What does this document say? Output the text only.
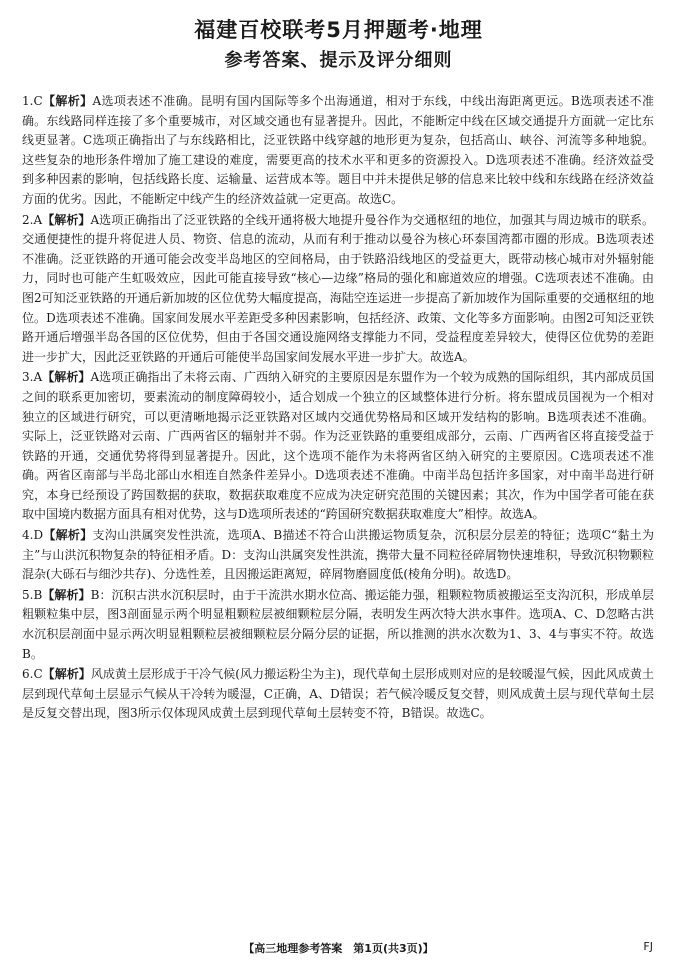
福建百校联考5月押题考·地理
参考答案、提示及评分细则
1.C【解析】A选项表述不准确。昆明有国内国际等多个出海通道，相对于东线，中线出海距离更远。B选项表述不准确。东线路同样连接了多个重要城市，对区域交通也有显著提升。因此，不能断定中线在区域交通提升方面就一定比东线更显著。C选项正确指出了与东线路相比，泛亚铁路中线穿越的地形更为复杂，包括高山、峡谷、河流等多种地貌。这些复杂的地形条件增加了施工建设的难度，需要更高的技术水平和更多的资源投入。D选项表述不准确。经济效益受到多种因素的影响，包括线路长度、运输量、运营成本等。题目中并未提供足够的信息来比较中线和东线路在经济效益方面的优劣。因此，不能断定中线产生的经济效益就一定更高。故选C。
2.A【解析】A选项正确指出了泛亚铁路的全线开通将极大地提升曼谷作为交通枢纽的地位，加强其与周边城市的联系。交通便捷性的提升将促进人员、物资、信息的流动，从而有利于推动以曼谷为核心环泰国湾都市圈的形成。B选项表述不准确。泛亚铁路的开通可能会改变半岛地区的空间格局，由于铁路沿线地区的受益更大，既带动核心城市对外辐射能力，同时也可能产生虹吸效应，因此可能直接导致“核心—边缘”格局的强化和廊道效应的增强。C选项表述不准确。由图2可知泛亚铁路的开通后新加坡的区位优势大幅度提高，海陆空连运进一步提高了新加坡作为国际重要的交通枢纽的地位。D选项表述不准确。国家间发展水平差距受多种因素影响，包括经济、政策、文化等多方面影响。由图2可知泛亚铁路开通后增强半岛各国的区位优势，但由于各国交通设施网络支撑能力不同，受益程度差异较大，使得区位优势的差距进一步扩大，因此泛亚铁路的开通后可能使半岛国家间发展水平进一步扩大。故选A。
3.A【解析】A选项正确指出了未将云南、广西纳入研究的主要原因是东盟作为一个较为成熟的国际组织，其内部成员国之间的联系更加密切，要素流动的制度障碍较小，适合划成一个独立的区域整体进行分析。将东盟成员国视为一个相对独立的区域进行研究，可以更清晰地揭示泛亚铁路对区域内交通优势格局和区域开发结构的影响。B选项表述不准确。实际上，泛亚铁路对云南、广西两省区的辐射并不弱。作为泛亚铁路的重要组成部分，云南、广西两省区将直接受益于铁路的开通，交通优势将得到显著提升。因此，这个选项不能作为未将两省区纳入研究的主要原因。C选项表述不准确。两省区南部与半岛北部山水相连自然条件差异小。D选项表述不准确。中南半岛包括许多国家，对中南半岛进行研究，本身已经预设了跨国数据的获取，数据获取难度不应成为决定研究范围的关键因素；其次，作为中国学者可能在获取中国境内数据方面具有相对优势，这与D选项所表述的“跨国研究数据获取难度大”相悖。故选A。
4.D【解析】支沟山洪属突发性洪流，选项A、B描述不符合山洪搬运物质复杂，沉积层分层差的特征；选项C“黏土为主”与山洪沉积物复杂的特征相矛盾。D：支沟山洪属突发性洪流，携带大量不同粒径碎屑物快速堆积，导致沉积物颗粒混杂(大砾石与细沙共存)、分选性差，且因搬运距离短，碎屑物磨圆度低(棱角分明)。故选D。
5.B【解析】B：沉积古洪水沉积层时，由于干流洪水期水位高、搬运能力强，粗颗粒物质被搬运至支沟沉积，形成单层粗颗粒集中层，图3剖面显示两个明显粗颗粒层被细颗粒层分隔，表明发生两次特大洪水事件。选项A、C、D忽略古洪水沉积层剖面中显示两次明显粗颗粒层被细颗粒层分隔分层的证据，所以推测的洪水次数为1、3、4与事实不符。故选B。
6.C【解析】风成黄土层形成于干冷气候(风力搬运粉尘为主)，现代草甸土层形成则对应的是较暖湿气候，因此风成黄土层到现代草甸土层显示气候从干冷转为暖湿，C正确，A、D错误；若气候冷暖反复交替，则风成黄土层与现代草甸土层是反复交替出现，图3所示仅体现风成黄土层到现代草甸土层转变不符，B错误。故选C。
【高三地理参考答案　第1页(共3页)】	FJ
